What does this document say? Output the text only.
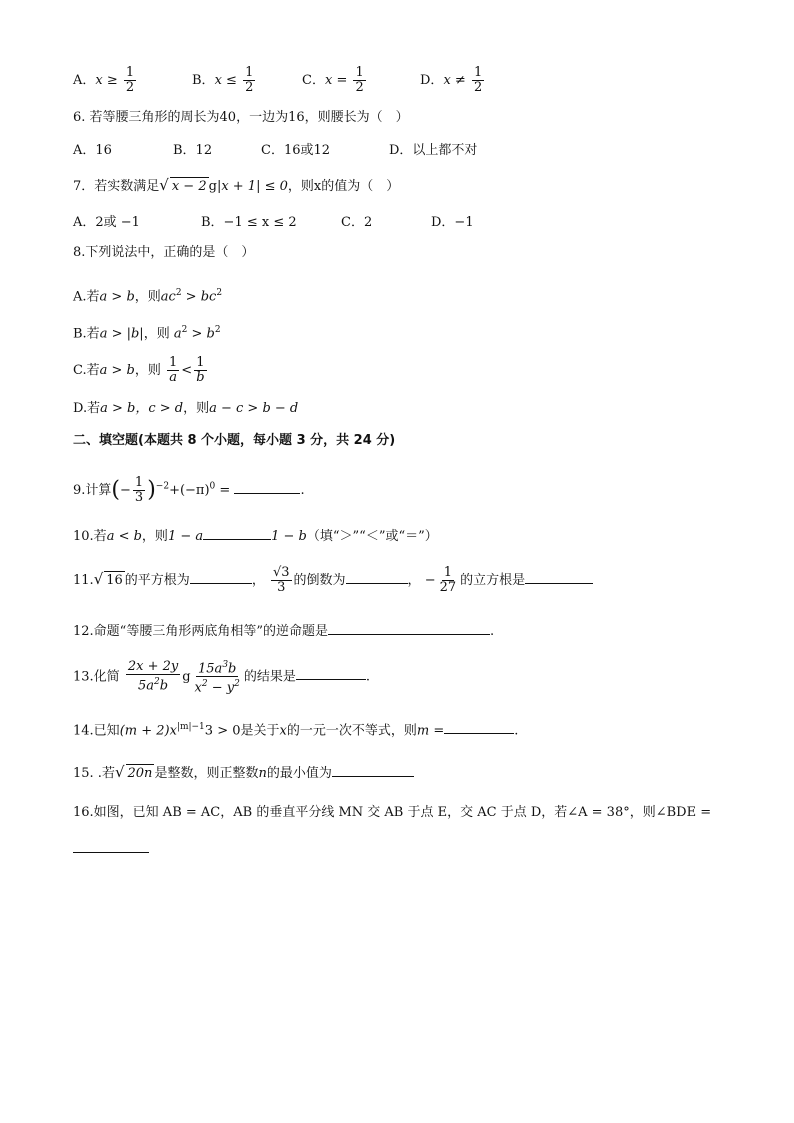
A．$x \ge \frac{1}{2}$	B．$x \le \frac{1}{2}$	C．$x = \frac{1}{2}$	D．$x \ne \frac{1}{2}$
6. 若等腰三角形的周长为40，一边为16，则腰长为（　）
A．16	B．12	C．16或12	D．以上都不对
7．若实数满足√ x − 2 g|x + 1| ≤ 0，则x的值为（　）
A．2或 −1	B．−1 ≤ x ≤ 2	C．2	D．−1
8.下列说法中，正确的是（　）
A.若a > b，则$ac^2 > bc^2$
B.若a > |b|，则 $a^2 > b^2$
C.若a > b，则 $\frac{1}{a} < \frac{1}{b}$
D.若a > b，c > d，则a − c > b − d
二、填空题(本题共 8 个小题，每小题 3 分，共 24 分)
9.计算(− $\frac{1}{3} )^{-2}+(-\pi)^0$ =	.
10.若a < b，则1 − a	1 − b（填“＞”“＜”或“＝”）
11.√ 16 的平方根为	， $\frac{√3}{3}$ 的倒数为	， − $\frac{1}{27}$ 的立方根是
12.命题“等腰三角形两底角相等”的逆命题是	.
13.化简 $\frac{2x + 2y}{5a^2b}$ g $\frac{15a^3b}{x^2 - y^2}$ 的结果是	.
14.已知$(m + 2)x^{|m|-1}3 > 0$是关于x的一元一次不等式，则m =	.
15. .若√ 20n 是整数，则正整数n的最小值为
16.如图，已知 AB = AC，AB 的垂直平分线 MN 交 AB 于点 E，交 AC 于点 D，若∠A = 38°，则∠BDE =
